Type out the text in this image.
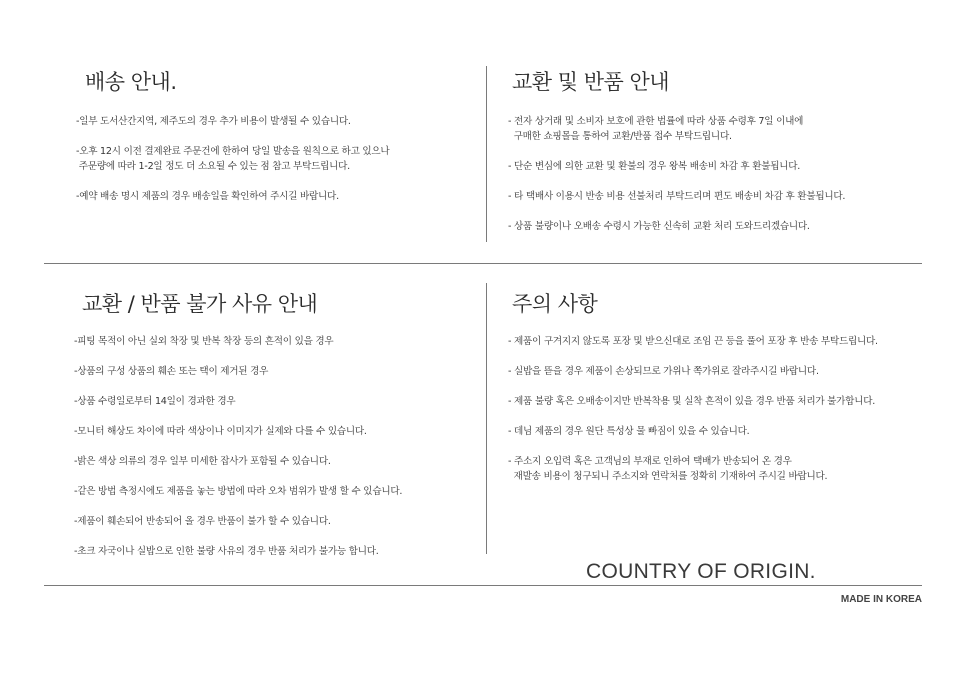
배송 안내.
-일부 도서산간지역, 제주도의 경우 추가 비용이 발생될 수 있습니다.
-오후 12시 이전 결제완료 주문건에 한하여 당일 발송을 원칙으로 하고 있으나
주문량에 따라 1-2일 정도 더 소요될 수 있는 점 참고 부탁드립니다.
-예약 배송 명시 제품의 경우 배송일을 확인하여 주시길 바랍니다.
교환 및 반품 안내
- 전자 상거래 및 소비자 보호에 관한 법률에 따라 상품 수령후 7일 이내에
구매한 쇼핑몰을 통하여 교환/반품 접수 부탁드립니다.
- 단순 변심에 의한 교환 및 환불의 경우 왕복 배송비 차감 후 환불됩니다.
- 타 택배사 이용시 반송 비용 선불처리 부탁드리며 편도 배송비 차감 후 환불됩니다.
- 상품 불량이나 오배송 수령시 가능한 신속히 교환 처리 도와드리겠습니다.
교환 / 반품 불가 사유 안내
-피팅 목적이 아닌 실외 착장 및 반복 착장 등의 흔적이 있을 경우
-상품의 구성 상품의 훼손 또는 택이 제거된 경우
-상품 수령일로부터 14일이 경과한 경우
-모니터 해상도 차이에 따라 색상이나 이미지가 실제와 다를 수 있습니다.
-밝은 색상 의류의 경우 일부 미세한 잡사가 포함될 수 있습니다.
-같은 방법 측정시에도 제품을 놓는 방법에 따라 오차 범위가 발생 할 수 있습니다.
-제품이 훼손되어 반송되어 올 경우 반품이 불가 할 수 있습니다.
-초크 자국이나 실밥으로 인한 불량 사유의 경우 반품 처리가 불가능 합니다.
주의 사항
- 제품이 구겨지지 않도록 포장 및 받으신대로 조임 끈 등을 풀어 포장 후 반송 부탁드립니다.
- 실밥을 뜯을 경우 제품이 손상되므로 가위나 쪽가위로 잘라주시길 바랍니다.
- 제품 불량 혹은 오배송이지만 반복착용 및 실착 흔적이 있을 경우 반품 처리가 불가합니다.
- 데님 제품의 경우 원단 특성상 물 빠짐이 있을 수 있습니다.
- 주소지 오입력 혹은 고객님의 부재로 인하여 택배가 반송되어 온 경우
재발송 비용이 청구되니 주소지와 연락처를 정확히 기재하여 주시길 바랍니다.
COUNTRY OF ORIGIN.
MADE IN KOREA
